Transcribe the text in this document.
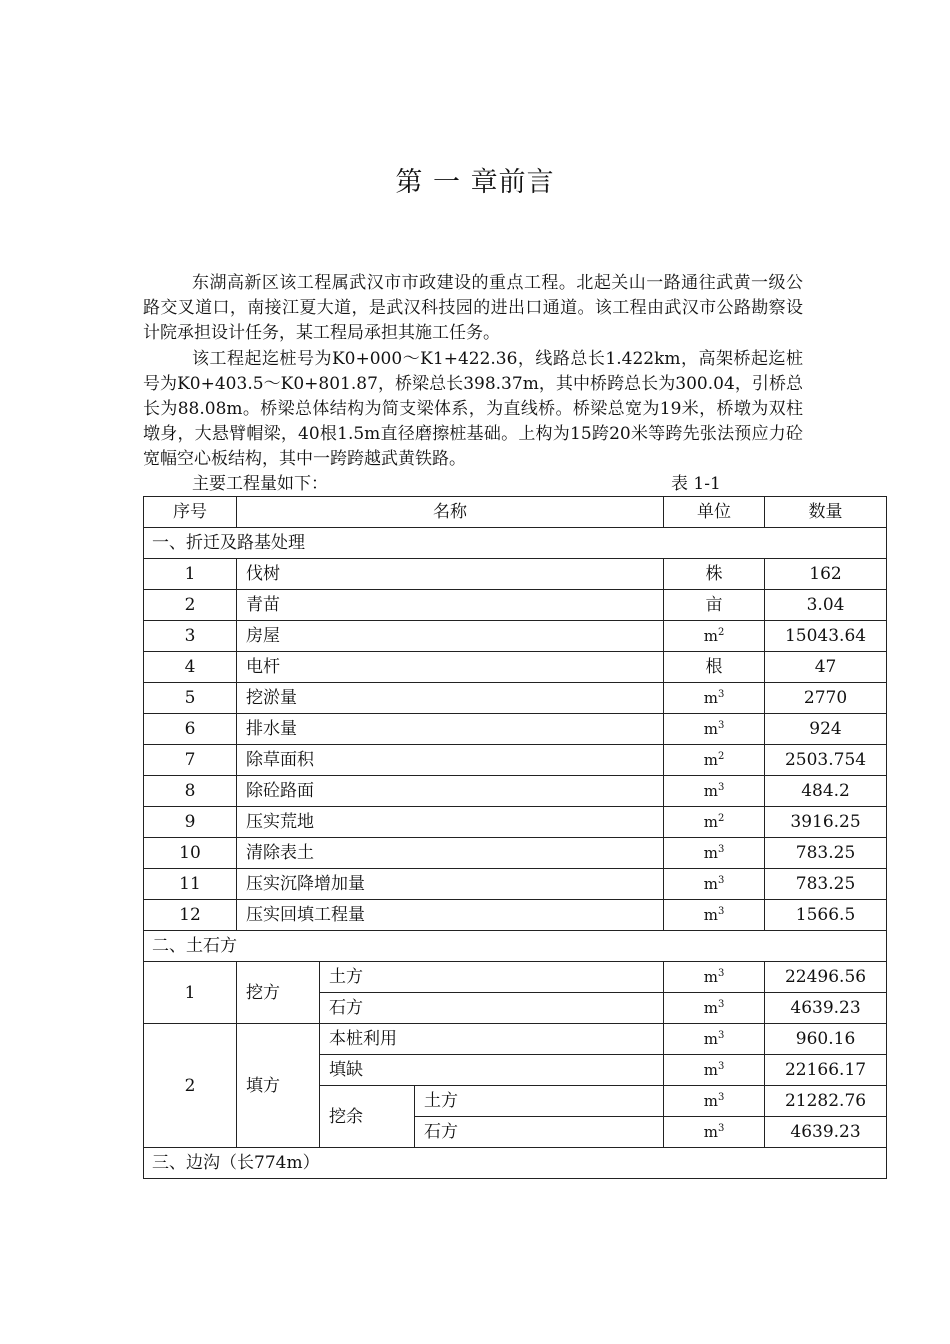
第 一 章前言

东湖高新区该工程属武汉市市政建设的重点工程。北起关山一路通往武黄一级公路交叉道口，南接江夏大道，是武汉科技园的进出口通道。该工程由武汉市公路勘察设计院承担设计任务，某工程局承担其施工任务。

该工程起迄桩号为K0+000～K1+422.36，线路总长1.422km，高架桥起迄桩号为K0+403.5～K0+801.87，桥梁总长398.37m，其中桥跨总长为300.04，引桥总长为88.08m。桥梁总体结构为简支梁体系，为直线桥。桥梁总宽为19米，桥墩为双柱墩身，大悬臂帽梁，40根1.5m直径磨擦桩基础。上构为15跨20米等跨先张法预应力砼宽幅空心板结构，其中一跨跨越武黄铁路。

主要工程量如下：	表 1-1
序号	名称			单位	数量
一、折迁及路基处理					
1	伐树			株	162
2	青苗			亩	3.04
3	房屋			$m^2$	15043.64
4	电杆			根	47
5	挖淤量			$m^3$	2770
6	排水量			$m^3$	924
7	除草面积			$m^2$	2503.754
8	除砼路面			$m^3$	484.2
9	压实荒地			$m^2$	3916.25
10	清除表土			$m^3$	783.25
11	压实沉降增加量			$m^3$	783.25
12	压实回填工程量			$m^3$	1566.5
二、土石方					
1	挖方	土方		$m^3$	22496.56
		石方		$m^3$	4639.23
2	填方	本桩利用		$m^3$	960.16
		填缺		$m^3$	22166.17
		挖余	土方	$m^3$	21282.76
			石方	$m^3$	4639.23
三、边沟（长774m）					
